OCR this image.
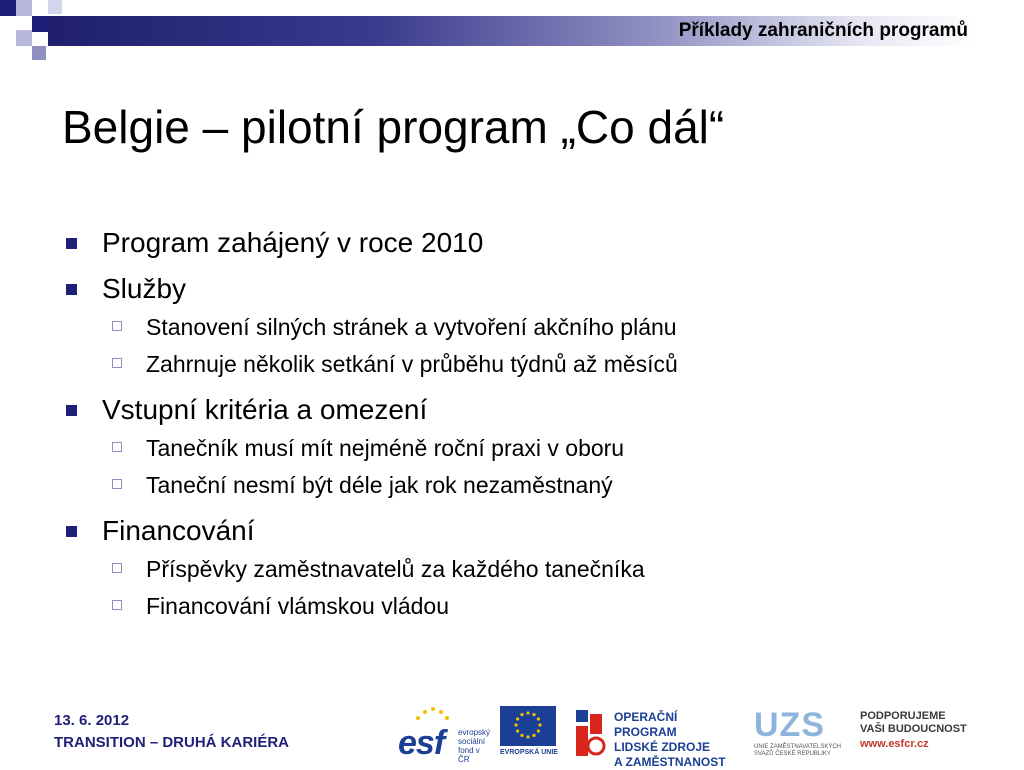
Příklady zahraničních programů
Belgie – pilotní program „Co dál“
Program zahájený v roce 2010
Služby
Stanovení silných stránek a vytvoření akčního plánu
Zahrnuje několik setkání v průběhu týdnů až měsíců
Vstupní kritéria a omezení
Tanečník musí mít nejméně roční praxi v oboru
Taneční nesmí být déle jak rok nezaměstnaný
Financování
Příspěvky zaměstnavatelů za každého tanečníka
Financování vlámskou vládou
13. 6. 2012
TRANSITION – DRUHÁ KARIÉRA	esf evropský
sociální
fond v ČR
EVROPSKÁ UNIE
OPERAČNÍ PROGRAM
LIDSKÉ ZDROJE
A ZAMĚSTNANOST
UZS
UNIE ZAMĚSTNAVATELSKÝCH
SVAZŮ ČESKÉ REPUBLIKY
PODPORUJEME
VAŠI BUDOUCNOST
www.esfcr.cz
